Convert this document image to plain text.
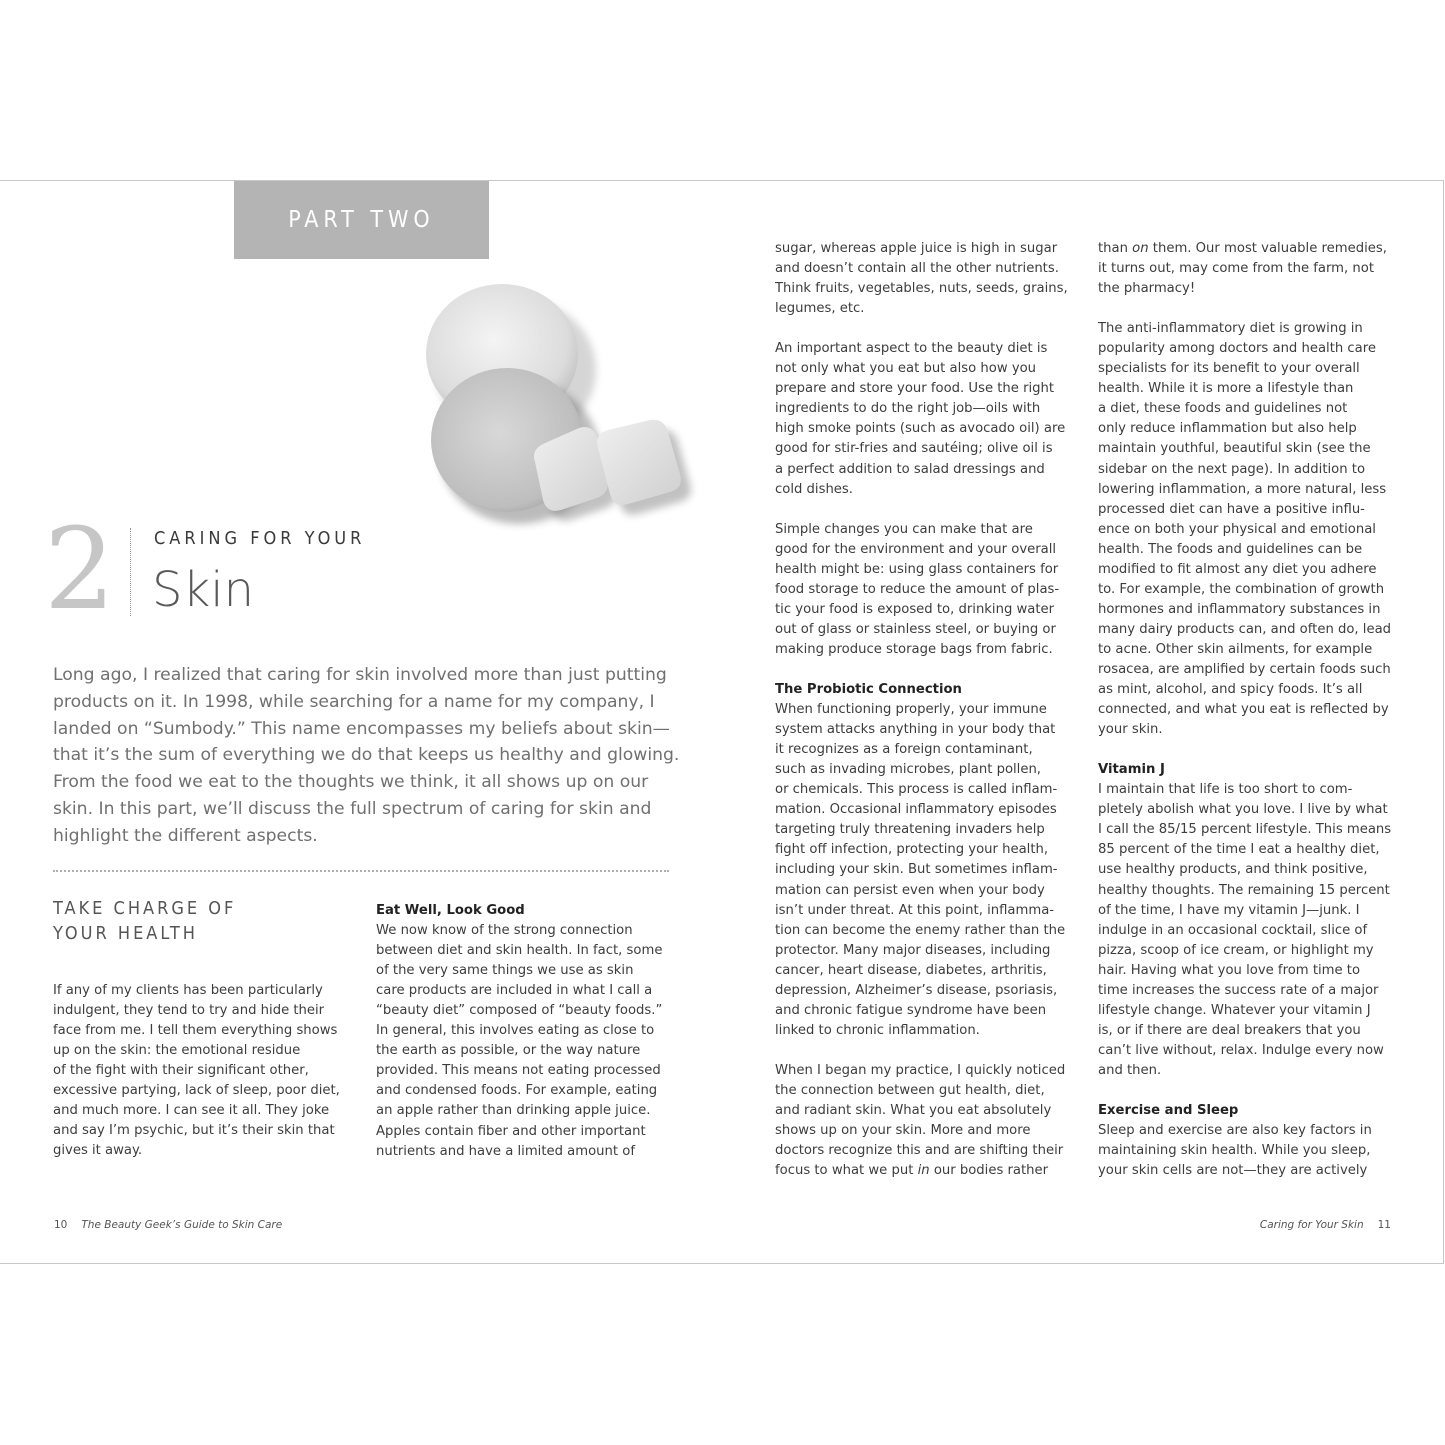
PART TWO
2	CARING FOR YOUR
Skin

Long ago, I realized that caring for skin involved more than just putting
products on it. In 1998, while searching for a name for my company, I
landed on “Sumbody.” This name encompasses my beliefs about skin—
that it’s the sum of everything we do that keeps us healthy and glowing.
From the food we eat to the thoughts we think, it all shows up on our
skin. In this part, we’ll discuss the full spectrum of caring for skin and
highlight the different aspects.

TAKE CHARGE OF
YOUR HEALTH

If any of my clients has been particularly
indulgent, they tend to try and hide their
face from me. I tell them everything shows
up on the skin: the emotional residue
of the fight with their significant other,
excessive partying, lack of sleep, poor diet,
and much more. I can see it all. They joke
and say I’m psychic, but it’s their skin that
gives it away.

Eat Well, Look Good

We now know of the strong connection
between diet and skin health. In fact, some
of the very same things we use as skin
care products are included in what I call a
“beauty diet” composed of “beauty foods.”
In general, this involves eating as close to
the earth as possible, or the way nature
provided. This means not eating processed
and condensed foods. For example, eating
an apple rather than drinking apple juice.
Apples contain fiber and other important
nutrients and have a limited amount of

sugar, whereas apple juice is high in sugar
and doesn’t contain all the other nutrients.
Think fruits, vegetables, nuts, seeds, grains,
legumes, etc.

An important aspect to the beauty diet is
not only what you eat but also how you
prepare and store your food. Use the right
ingredients to do the right job—oils with
high smoke points (such as avocado oil) are
good for stir-fries and sautéing; olive oil is
a perfect addition to salad dressings and
cold dishes.

Simple changes you can make that are
good for the environment and your overall
health might be: using glass containers for
food storage to reduce the amount of plas-
tic your food is exposed to, drinking water
out of glass or stainless steel, or buying or
making produce storage bags from fabric.

The Probiotic Connection

When functioning properly, your immune
system attacks anything in your body that
it recognizes as a foreign contaminant,
such as invading microbes, plant pollen,
or chemicals. This process is called inflam-
mation. Occasional inflammatory episodes
targeting truly threatening invaders help
fight off infection, protecting your health,
including your skin. But sometimes inflam-
mation can persist even when your body
isn’t under threat. At this point, inflamma-
tion can become the enemy rather than the
protector. Many major diseases, including
cancer, heart disease, diabetes, arthritis,
depression, Alzheimer’s disease, psoriasis,
and chronic fatigue syndrome have been
linked to chronic inflammation.

When I began my practice, I quickly noticed
the connection between gut health, diet,
and radiant skin. What you eat absolutely
shows up on your skin. More and more
doctors recognize this and are shifting their
focus to what we put in our bodies rather

than on them. Our most valuable remedies,
it turns out, may come from the farm, not
the pharmacy!

The anti-inflammatory diet is growing in
popularity among doctors and health care
specialists for its benefit to your overall
health. While it is more a lifestyle than
a diet, these foods and guidelines not
only reduce inflammation but also help
maintain youthful, beautiful skin (see the
sidebar on the next page). In addition to
lowering inflammation, a more natural, less
processed diet can have a positive influ-
ence on both your physical and emotional
health. The foods and guidelines can be
modified to fit almost any diet you adhere
to. For example, the combination of growth
hormones and inflammatory substances in
many dairy products can, and often do, lead
to acne. Other skin ailments, for example
rosacea, are amplified by certain foods such
as mint, alcohol, and spicy foods. It’s all
connected, and what you eat is reflected by
your skin.

Vitamin J

I maintain that life is too short to com-
pletely abolish what you love. I live by what
I call the 85/15 percent lifestyle. This means
85 percent of the time I eat a healthy diet,
use healthy products, and think positive,
healthy thoughts. The remaining 15 percent
of the time, I have my vitamin J—junk. I
indulge in an occasional cocktail, slice of
pizza, scoop of ice cream, or highlight my
hair. Having what you love from time to
time increases the success rate of a major
lifestyle change. Whatever your vitamin J
is, or if there are deal breakers that you
can’t live without, relax. Indulge every now
and then.

Exercise and Sleep

Sleep and exercise are also key factors in
maintaining skin health. While you sleep,
your skin cells are not—they are actively

10 The Beauty Geek’s Guide to Skin Care	Caring for Your Skin 11
